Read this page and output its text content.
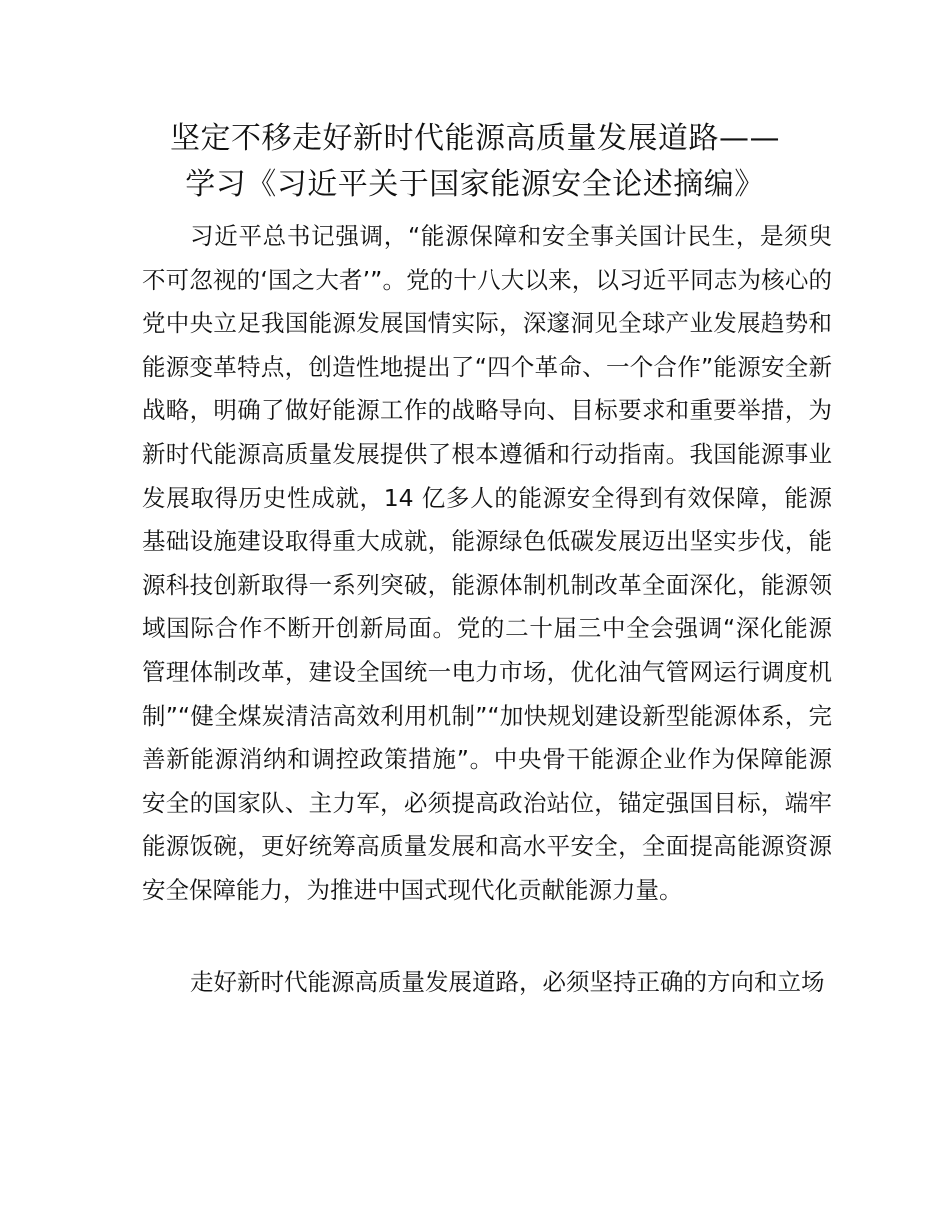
坚定不移走好新时代能源高质量发展道路——
学习《习近平关于国家能源安全论述摘编》

习近平总书记强调，“能源保障和安全事关国计民生，是须臾不可忽视的‘国之大者’”。党的十八大以来，以习近平同志为核心的党中央立足我国能源发展国情实际，深邃洞见全球产业发展趋势和能源变革特点，创造性地提出了“四个革命、一个合作”能源安全新战略，明确了做好能源工作的战略导向、目标要求和重要举措，为新时代能源高质量发展提供了根本遵循和行动指南。我国能源事业发展取得历史性成就，14 亿多人的能源安全得到有效保障，能源基础设施建设取得重大成就，能源绿色低碳发展迈出坚实步伐，能源科技创新取得一系列突破，能源体制机制改革全面深化，能源领域国际合作不断开创新局面。党的二十届三中全会强调“深化能源管理体制改革，建设全国统一电力市场，优化油气管网运行调度机制”“健全煤炭清洁高效利用机制”“加快规划建设新型能源体系，完善新能源消纳和调控政策措施”。中央骨干能源企业作为保障能源安全的国家队、主力军，必须提高政治站位，锚定强国目标，端牢能源饭碗，更好统筹高质量发展和高水平安全，全面提高能源资源安全保障能力，为推进中国式现代化贡献能源力量。

走好新时代能源高质量发展道路，必须坚持正确的方向和立场
